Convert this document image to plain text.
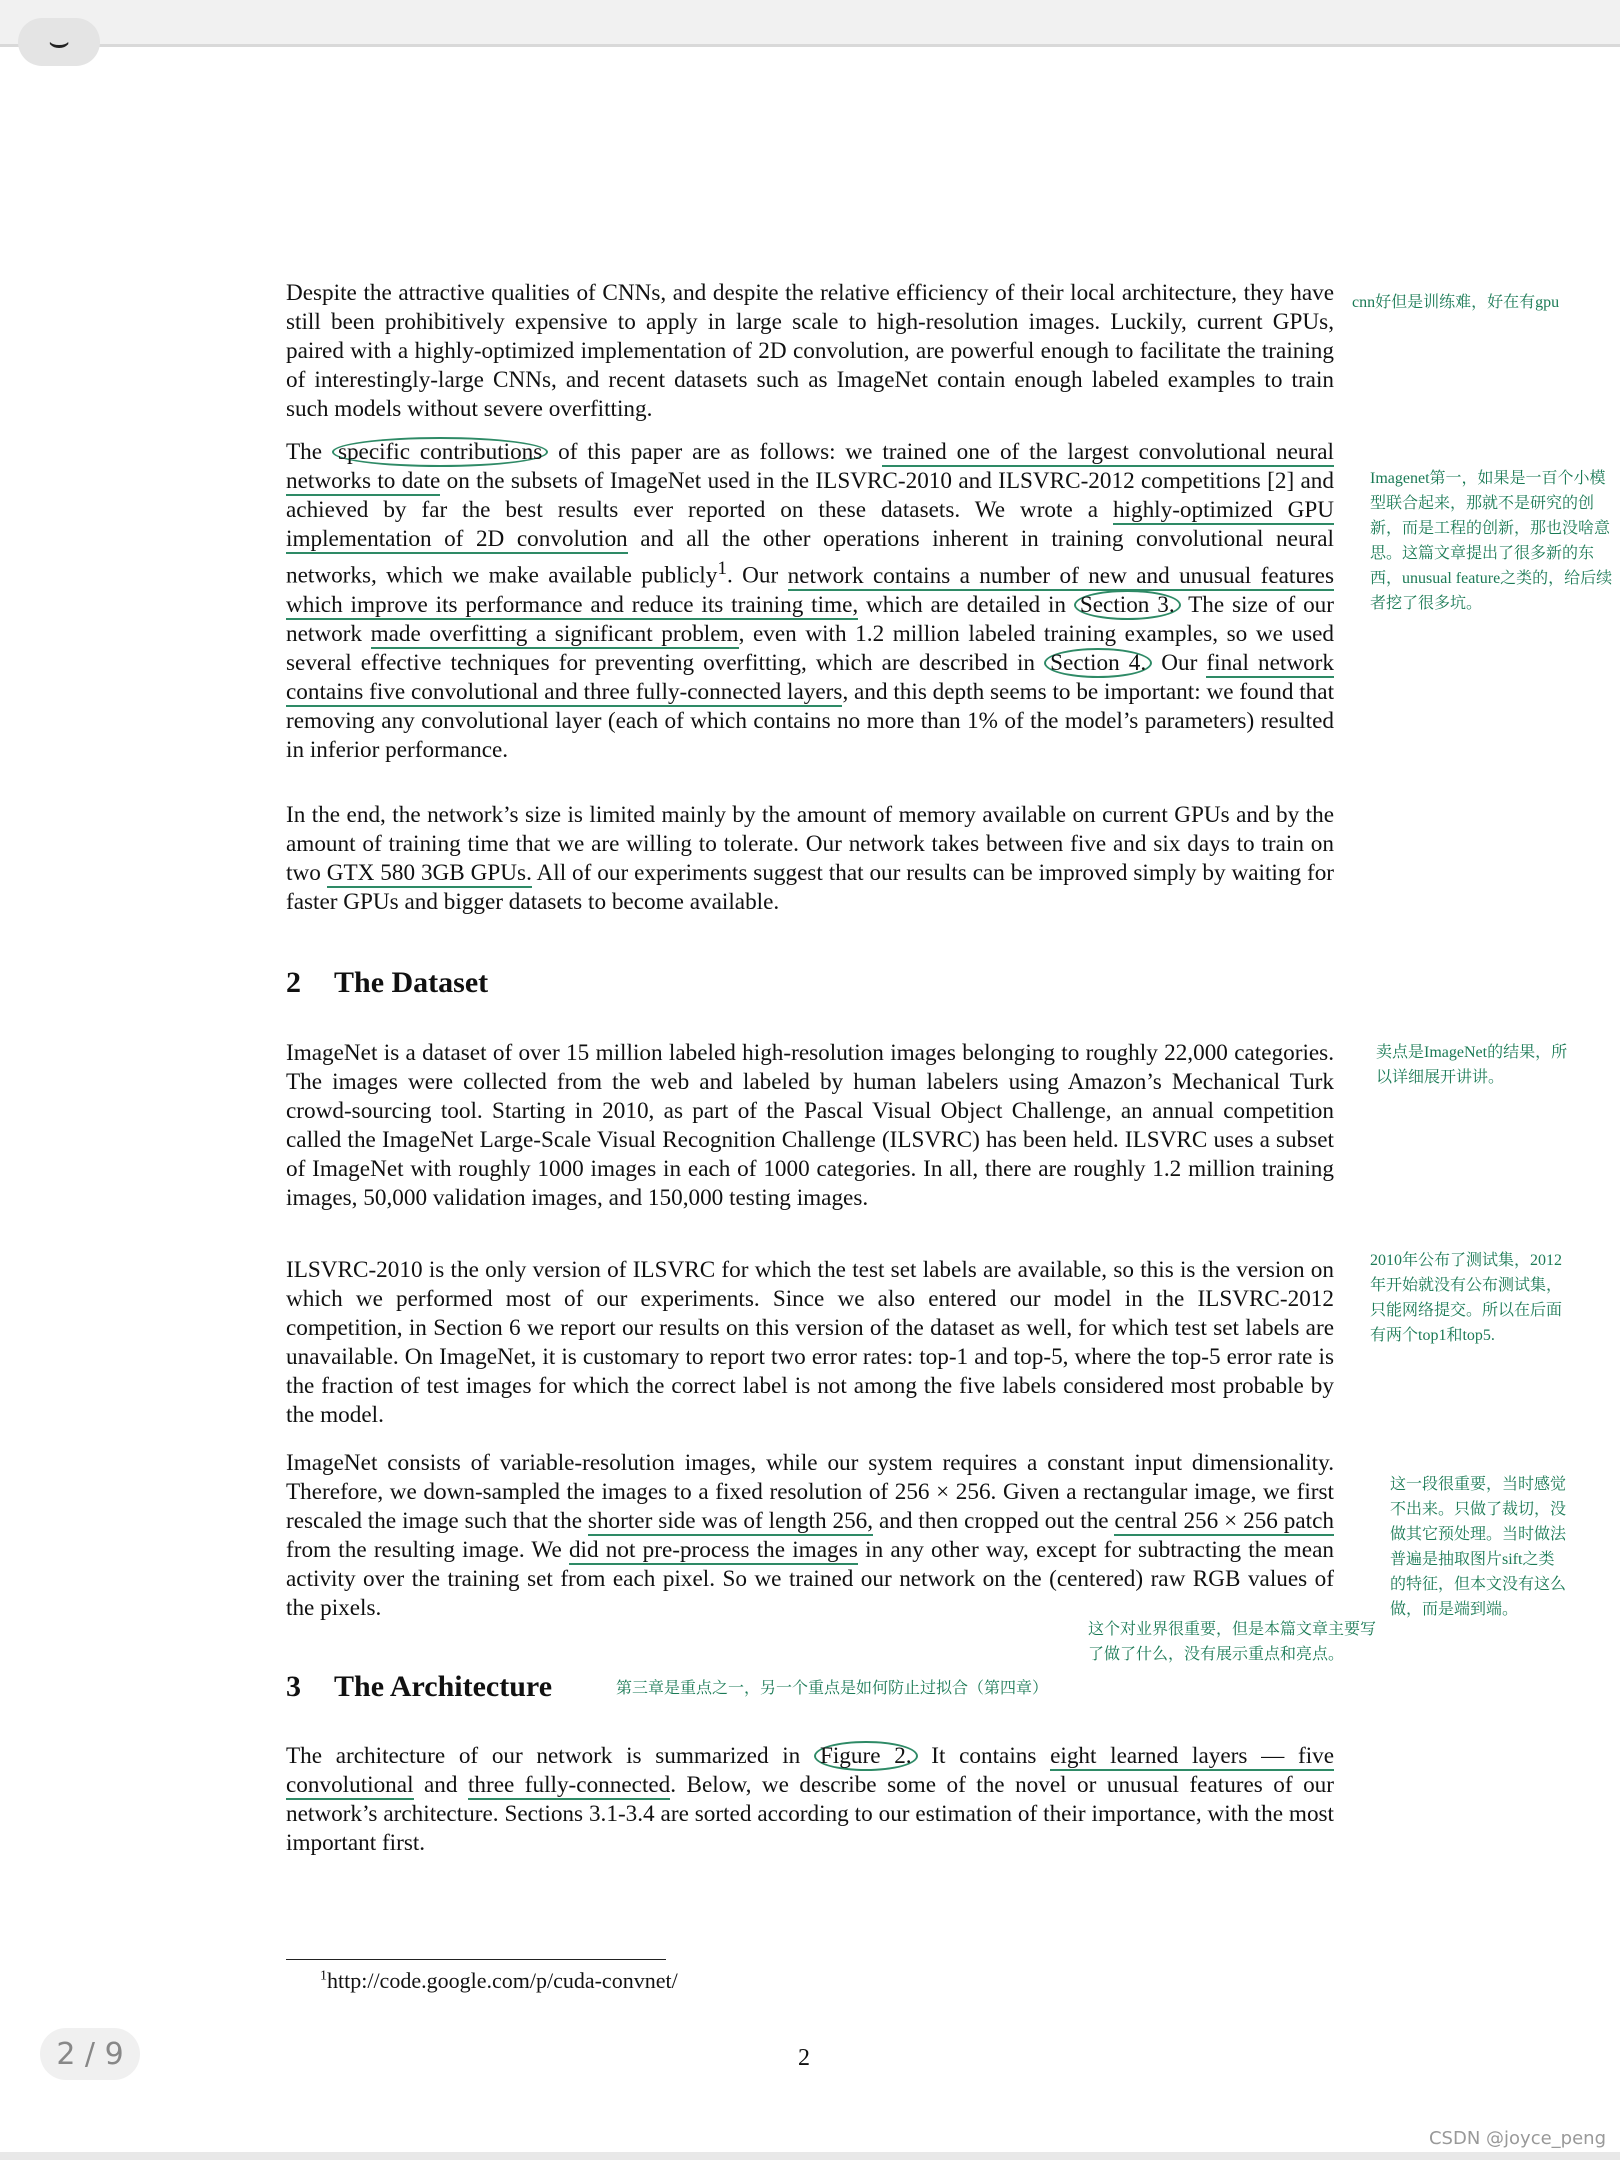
⌣

Despite the attractive qualities of CNNs, and despite the relative efficiency of their local architecture, they have still been prohibitively expensive to apply in large scale to high-resolution images. Luckily, current GPUs, paired with a highly-optimized implementation of 2D convolution, are powerful enough to facilitate the training of interestingly-large CNNs, and recent datasets such as ImageNet contain enough labeled examples to train such models without severe overfitting.

The specific contributions of this paper are as follows: we trained one of the largest convolutional neural networks to date on the subsets of ImageNet used in the ILSVRC-2010 and ILSVRC-2012 competitions [2] and achieved by far the best results ever reported on these datasets. We wrote a highly-optimized GPU implementation of 2D convolution and all the other operations inherent in training convolutional neural networks, which we make available publicly$^1$. Our network contains a number of new and unusual features which improve its performance and reduce its training time, which are detailed in Section 3. The size of our network made overfitting a significant problem, even with 1.2 million labeled training examples, so we used several effective techniques for preventing overfitting, which are described in Section 4. Our final network contains five convolutional and three fully-connected layers, and this depth seems to be important: we found that removing any convolutional layer (each of which contains no more than 1% of the model’s parameters) resulted in inferior performance.

In the end, the network’s size is limited mainly by the amount of memory available on current GPUs and by the amount of training time that we are willing to tolerate. Our network takes between five and six days to train on two GTX 580 3GB GPUs. All of our experiments suggest that our results can be improved simply by waiting for faster GPUs and bigger datasets to become available.

2 The Dataset

ImageNet is a dataset of over 15 million labeled high-resolution images belonging to roughly 22,000 categories. The images were collected from the web and labeled by human labelers using Amazon’s Mechanical Turk crowd-sourcing tool. Starting in 2010, as part of the Pascal Visual Object Challenge, an annual competition called the ImageNet Large-Scale Visual Recognition Challenge (ILSVRC) has been held. ILSVRC uses a subset of ImageNet with roughly 1000 images in each of 1000 categories. In all, there are roughly 1.2 million training images, 50,000 validation images, and 150,000 testing images.

ILSVRC-2010 is the only version of ILSVRC for which the test set labels are available, so this is the version on which we performed most of our experiments. Since we also entered our model in the ILSVRC-2012 competition, in Section 6 we report our results on this version of the dataset as well, for which test set labels are unavailable. On ImageNet, it is customary to report two error rates: top-1 and top-5, where the top-5 error rate is the fraction of test images for which the correct label is not among the five labels considered most probable by the model.

ImageNet consists of variable-resolution images, while our system requires a constant input dimensionality. Therefore, we down-sampled the images to a fixed resolution of 256 × 256. Given a rectangular image, we first rescaled the image such that the shorter side was of length 256, and then cropped out the central 256 × 256 patch from the resulting image. We did not pre-process the images in any other way, except for subtracting the mean activity over the training set from each pixel. So we trained our network on the (centered) raw RGB values of the pixels.

3 The Architecture

The architecture of our network is summarized in Figure 2. It contains eight learned layers — five convolutional and three fully-connected. Below, we describe some of the novel or unusual features of our network’s architecture. Sections 3.1-3.4 are sorted according to our estimation of their importance, with the most important first.

$^1$http://code.google.com/p/cuda-convnet/
2
cnn好但是训练难，好在有gpu
Imagenet第一，如果是一百个小模型联合起来，那就不是研究的创新，而是工程的创新，那也没啥意思。这篇文章提出了很多新的东西，unusual feature之类的，给后续者挖了很多坑。
卖点是ImageNet的结果，所以详细展开讲讲。
2010年公布了测试集，2012年开始就没有公布测试集，只能网络提交。所以在后面有两个top1和top5.
这一段很重要，当时感觉不出来。只做了裁切，没做其它预处理。当时做法普遍是抽取图片sift之类的特征，但本文没有这么做，而是端到端。
这个对业界很重要，但是本篇文章主要写了做了什么，没有展示重点和亮点。
第三章是重点之一，另一个重点是如何防止过拟合（第四章）
2 / 9
CSDN @joyce_peng
